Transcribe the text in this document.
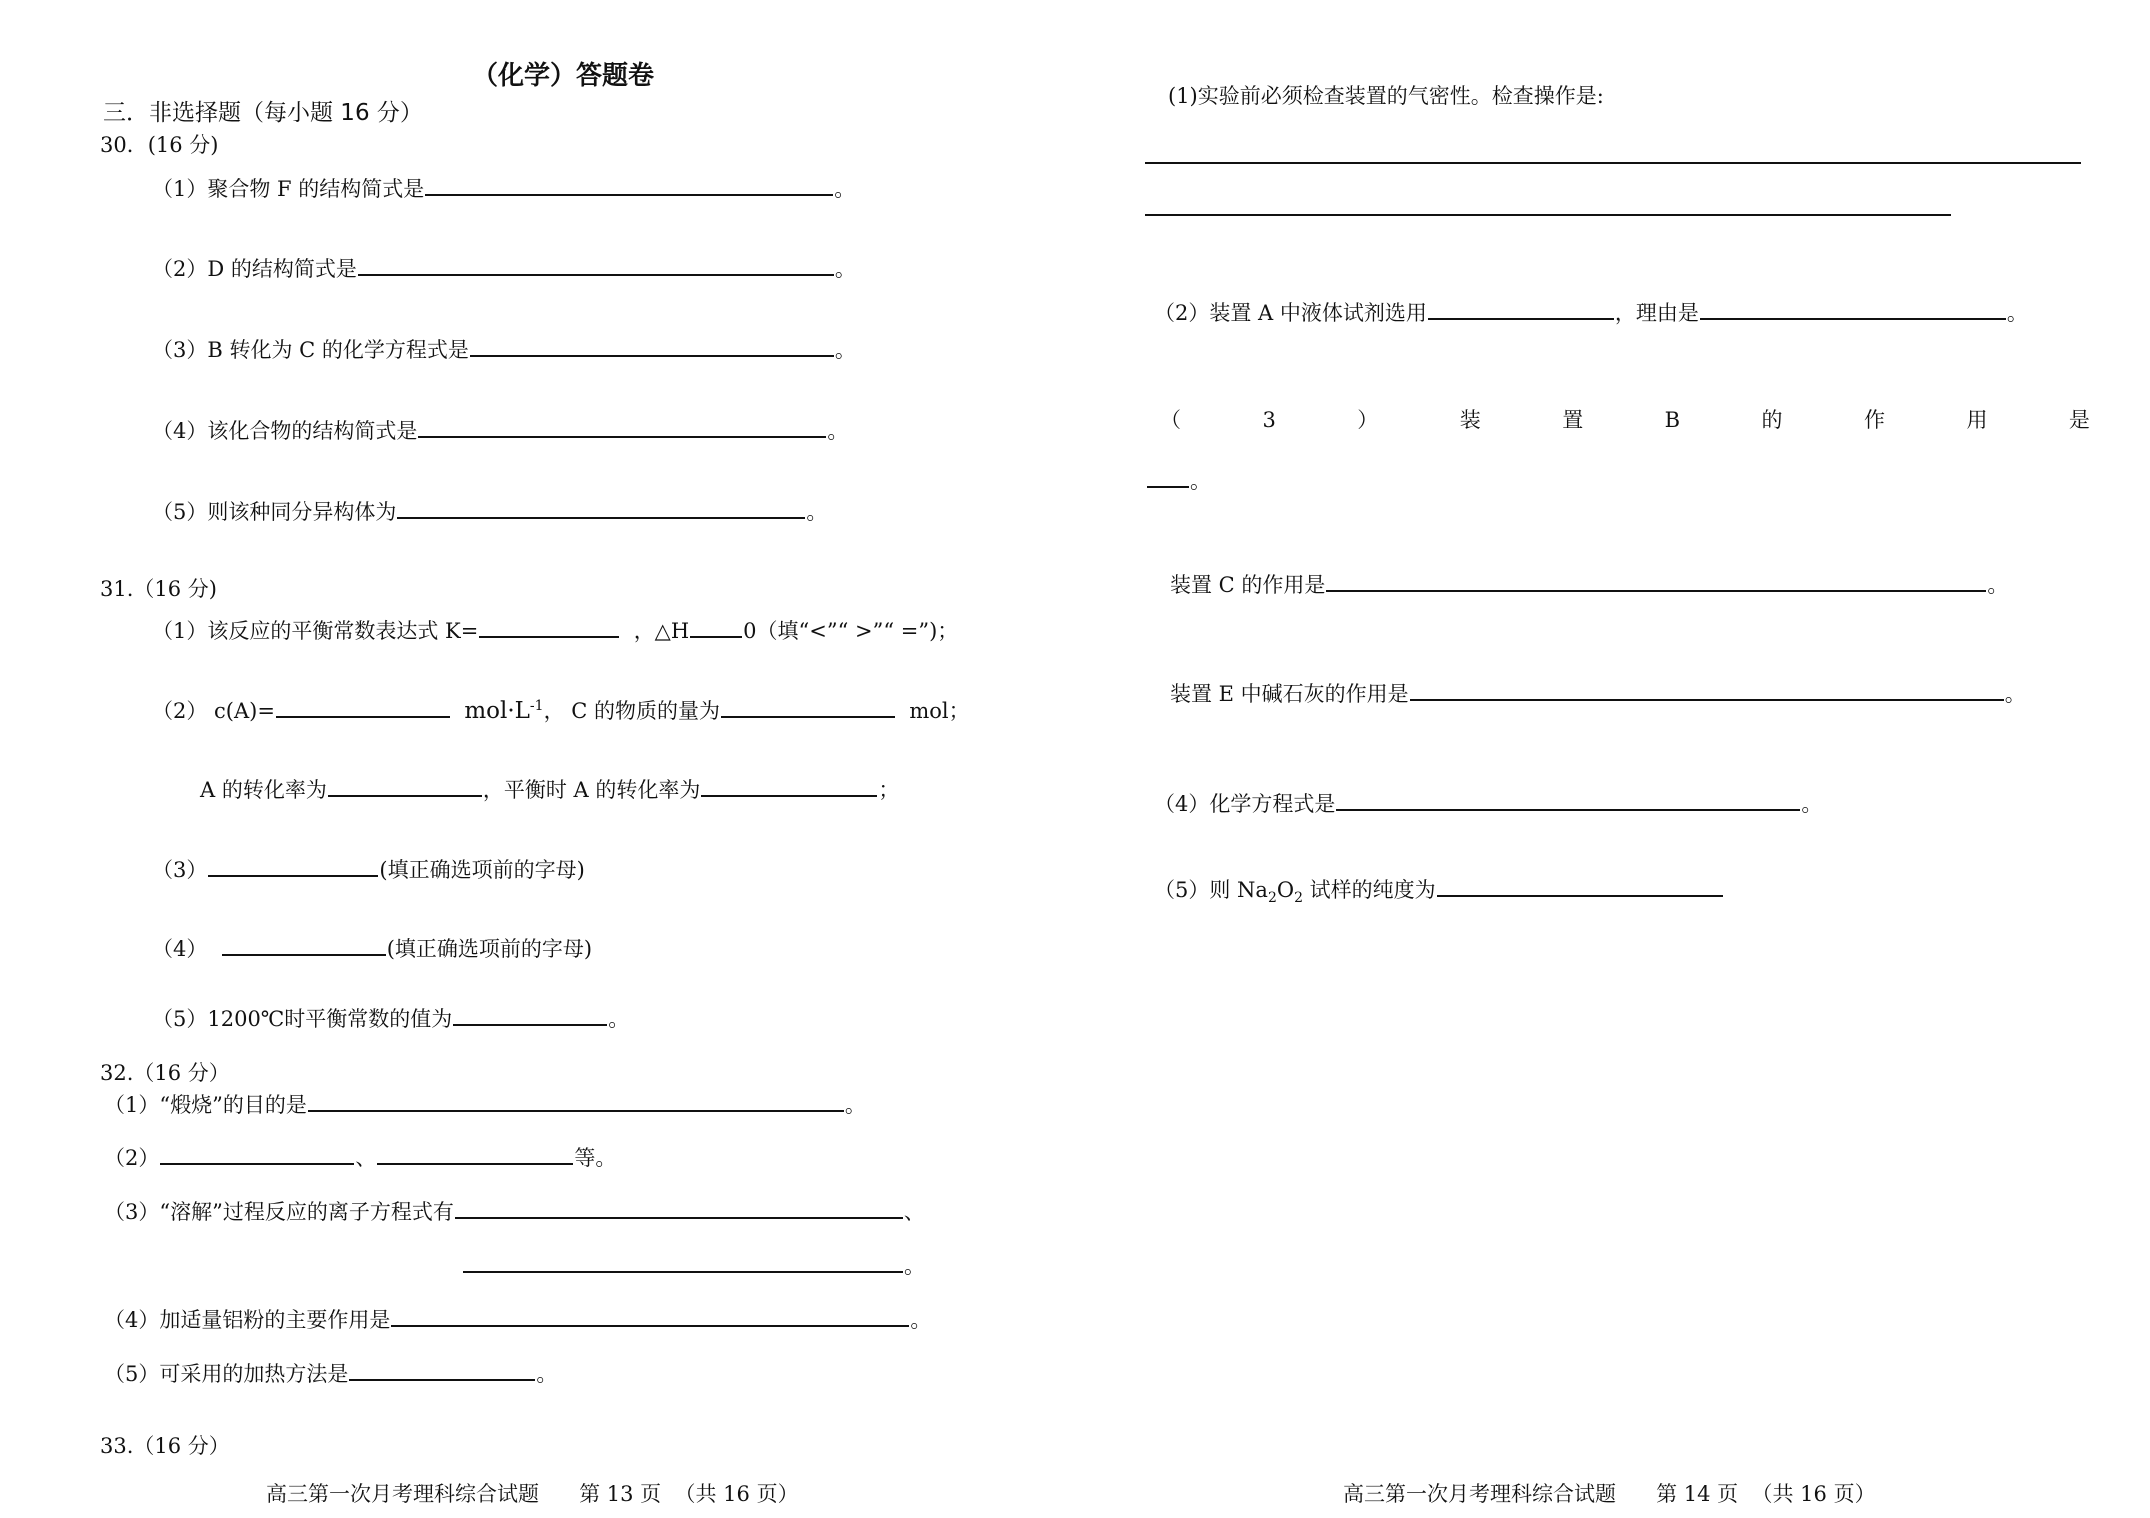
（化学）答题卷
三．非选择题（每小题 16 分）
30．(16 分)
（1）聚合物 F 的结构简式是	。
（2）D 的结构简式是	。
（3）B 转化为 C 的化学方程式是	。
（4）该化合物的结构简式是	。
（5）则该种同分异构体为	。
31.（16 分)
（1）该反应的平衡常数表达式 K=	，△H	0（填“<”“ >”“ =”)；
（2） c(A)=	$mol\cdot L^{-1}$， C 的物质的量为	mol；
A 的转化率为	，平衡时 A 的转化率为	；
（3）	(填正确选项前的字母)
（4）	(填正确选项前的字母)
（5）1200℃时平衡常数的值为	。
32.（16 分）
（1）“煅烧”的目的是	。
（2）	、	等。
（3）“溶解”过程反应的离子方程式有	、
。
（4）加适量铝粉的主要作用是	。
（5）可采用的加热方法是	。
33.（16 分）
高三第一次月考理科综合试题 第 13 页 （共 16 页）
(1)实验前必须检查装置的气密性。检查操作是:
（2）装置 A 中液体试剂选用	，理由是	。
（	3	）	装	置	B	的	作	用	是
。
装置 C 的作用是	。
装置 E 中碱石灰的作用是	。
（4）化学方程式是	。
（5）则 $Na_2O_2$ 试样的纯度为
高三第一次月考理科综合试题 第 14 页 （共 16 页）
